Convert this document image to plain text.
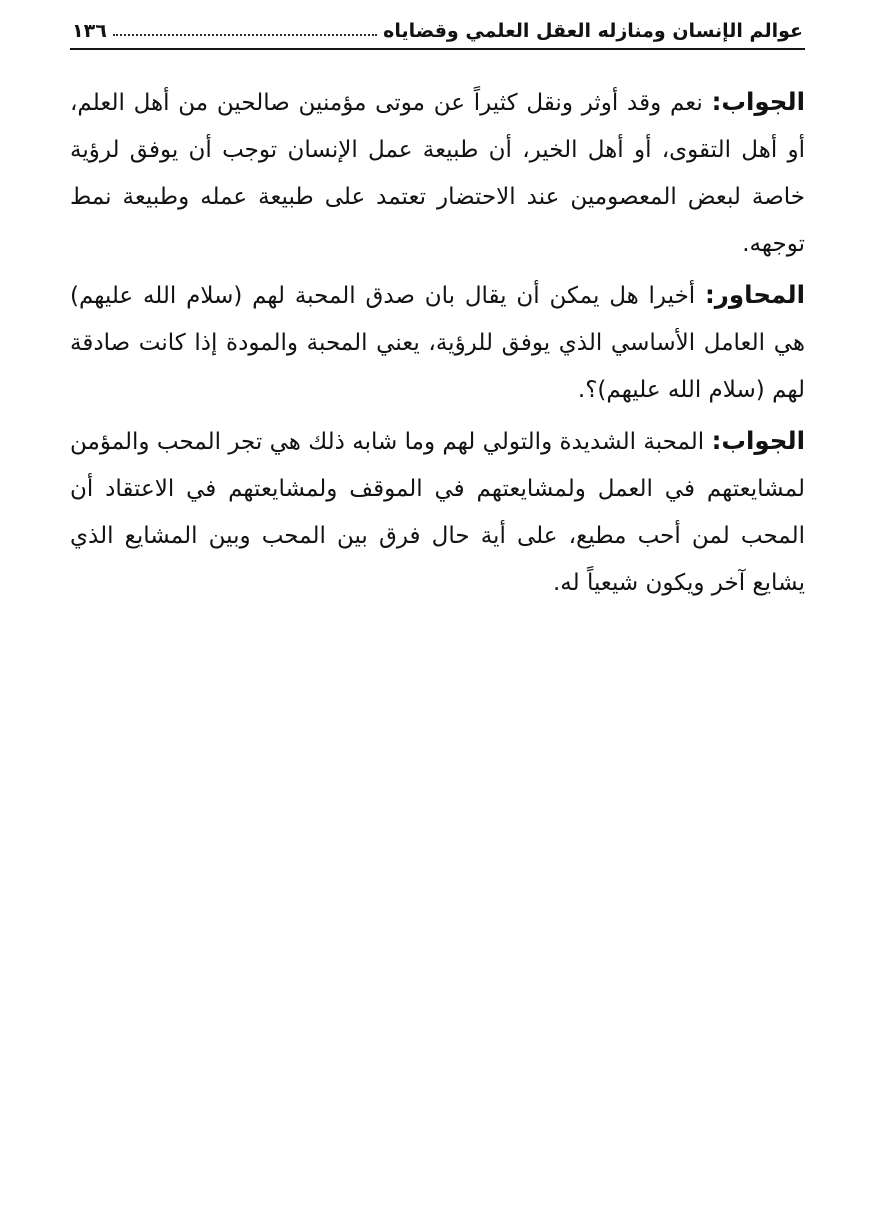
عوالم الإنسان ومنازله العقل العلمي وقضاياه
١٣٦

الجواب: نعم وقد أوثر ونقل كثيراً عن موتى مؤمنين صالحين من أهل العلم، أو أهل التقوى، أو أهل الخير، أن طبيعة عمل الإنسان توجب أن يوفق لرؤية خاصة لبعض المعصومين عند الاحتضار تعتمد على طبيعة عمله وطبيعة نمط توجهه.

المحاور: أخيرا هل يمكن أن يقال بان صدق المحبة لهم (سلام الله عليهم) هي العامل الأساسي الذي يوفق للرؤية، يعني المحبة والمودة إذا كانت صادقة لهم (سلام الله عليهم)؟.

الجواب: المحبة الشديدة والتولي لهم وما شابه ذلك هي تجر المحب والمؤمن لمشايعتهم في العمل ولمشايعتهم في الموقف ولمشايعتهم في الاعتقاد أن المحب لمن أحب مطيع، على أية حال فرق بين المحب وبين المشايع الذي يشايع آخر ويكون شيعياً له.
